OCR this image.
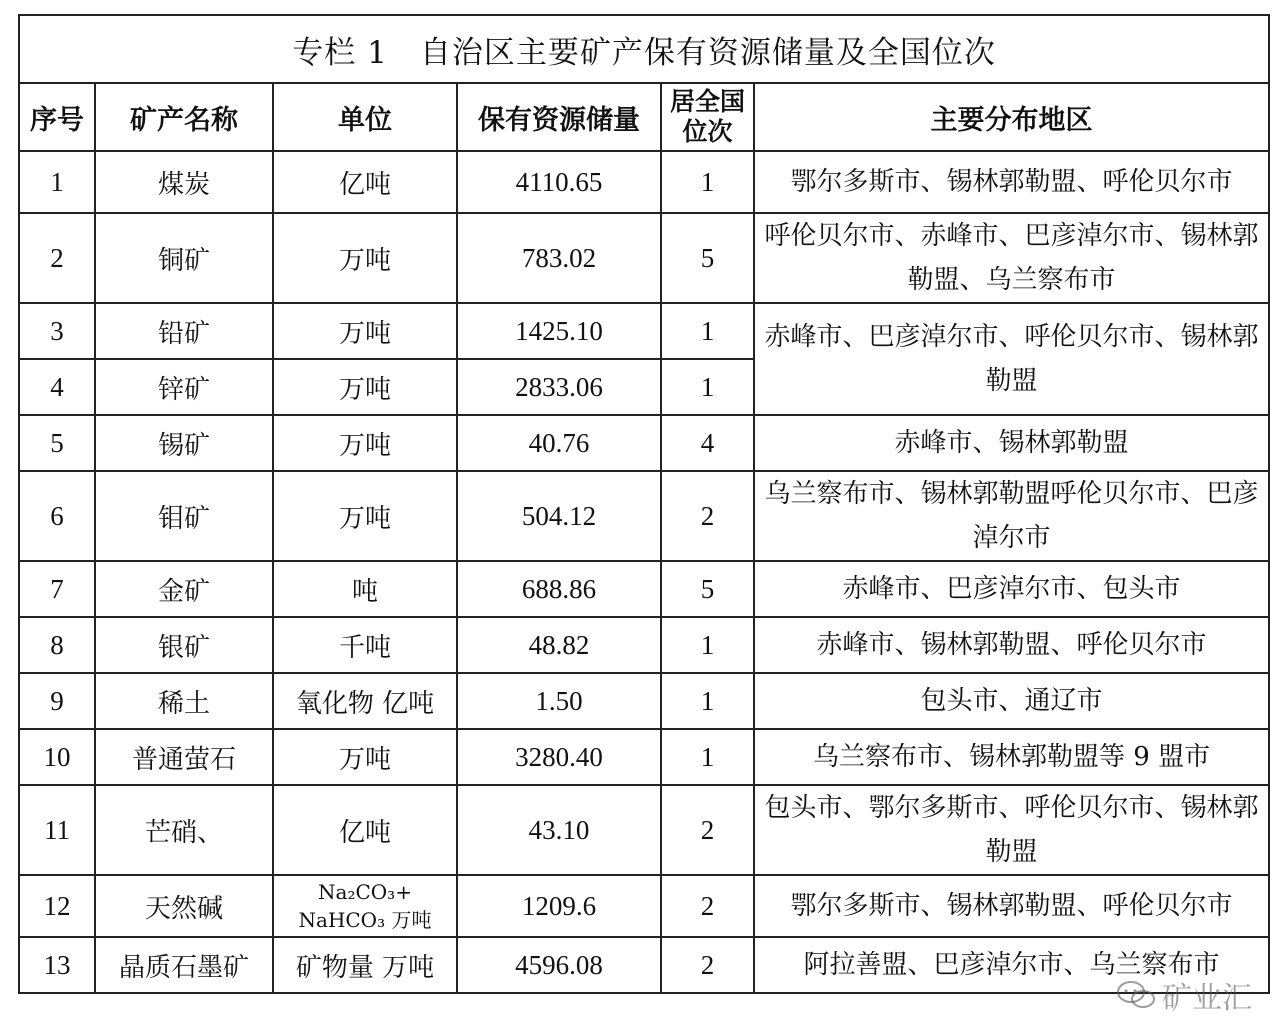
专栏 1　自治区主要矿产保有资源储量及全国位次					
序号	矿产名称	单位	保有资源储量	居全国位次	主要分布地区
1	煤炭	亿吨	4110.65	1	鄂尔多斯市、锡林郭勒盟、呼伦贝尔市
2	铜矿	万吨	783.02	5	呼伦贝尔市、赤峰市、巴彦淖尔市、锡林郭勒盟、乌兰察布市
3	铅矿	万吨	1425.10	1	赤峰市、巴彦淖尔市、呼伦贝尔市、锡林郭勒盟
4	锌矿	万吨	2833.06	1	
5	锡矿	万吨	40.76	4	赤峰市、锡林郭勒盟
6	钼矿	万吨	504.12	2	乌兰察布市、锡林郭勒盟呼伦贝尔市、巴彦淖尔市
7	金矿	吨	688.86	5	赤峰市、巴彦淖尔市、包头市
8	银矿	千吨	48.82	1	赤峰市、锡林郭勒盟、呼伦贝尔市
9	稀土	氧化物 亿吨	1.50	1	包头市、通辽市
10	普通萤石	万吨	3280.40	1	乌兰察布市、锡林郭勒盟等 9 盟市
11	芒硝、	亿吨	43.10	2	包头市、鄂尔多斯市、呼伦贝尔市、锡林郭勒盟
12	天然碱	Na₂CO₃+ NaHCO₃ 万吨	1209.6	2	鄂尔多斯市、锡林郭勒盟、呼伦贝尔市
13	晶质石墨矿	矿物量 万吨	4596.08	2	阿拉善盟、巴彦淖尔市、乌兰察布市
矿业汇
